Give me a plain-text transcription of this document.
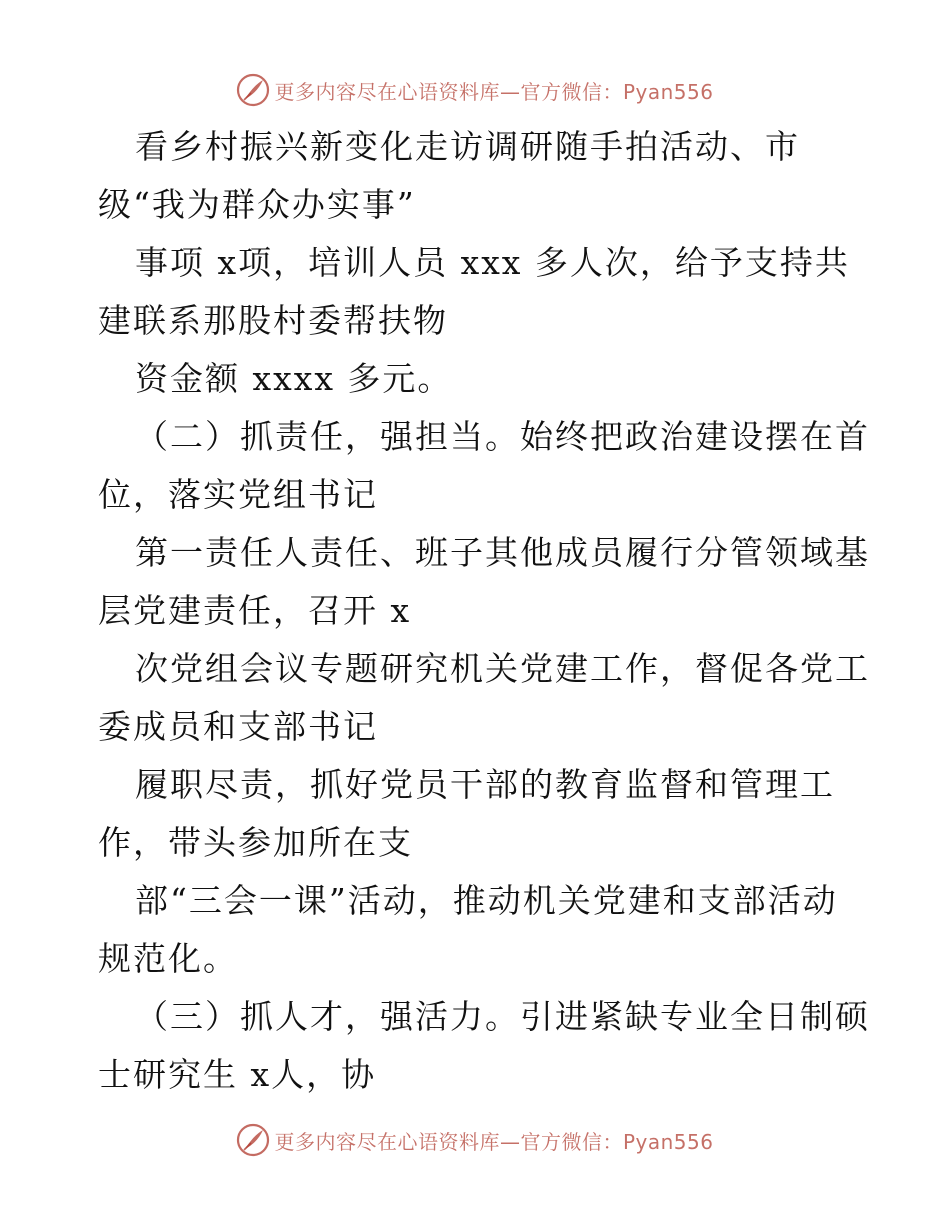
更多内容尽在心语资料库—官方微信：Pyan556
看乡村振兴新变化走访调研随手拍活动、市
级“我为群众办实事”
事项 x项，培训人员 xxx 多人次，给予支持共
建联系那股村委帮扶物
资金额 xxxx 多元。
（二）抓责任，强担当。始终把政治建设摆在首
位，落实党组书记
第一责任人责任、班子其他成员履行分管领域基
层党建责任，召开 x
次党组会议专题研究机关党建工作，督促各党工
委成员和支部书记
履职尽责，抓好党员干部的教育监督和管理工
作，带头参加所在支
部“三会一课”活动，推动机关党建和支部活动
规范化。
（三）抓人才，强活力。引进紧缺专业全日制硕
士研究生 x人，协
更多内容尽在心语资料库—官方微信：Pyan556
